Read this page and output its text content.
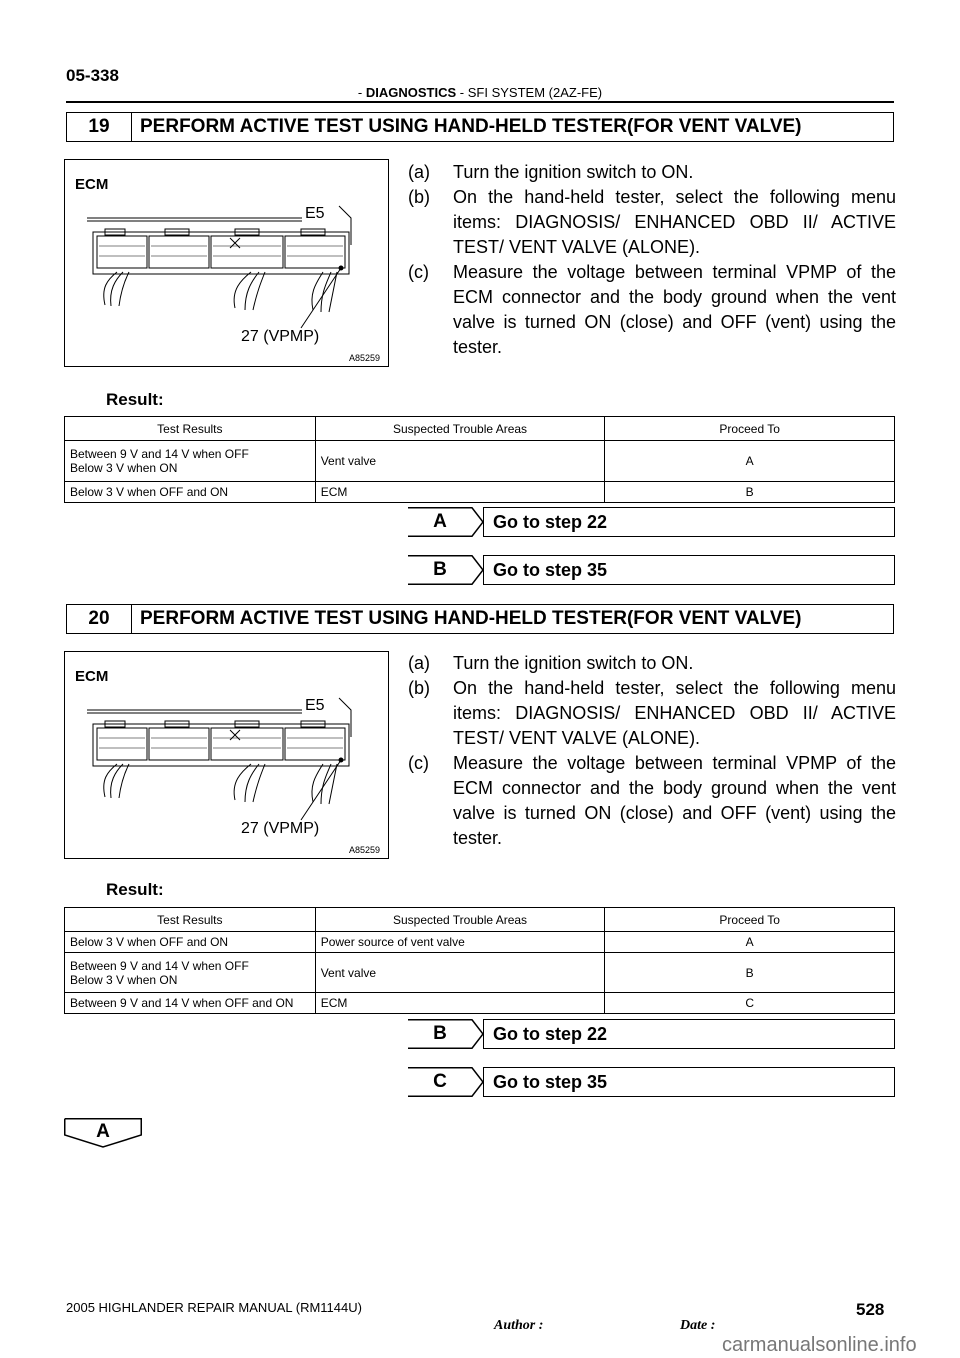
05-338
- DIAGNOSTICS - SFI SYSTEM (2AZ-FE)
19	PERFORM ACTIVE TEST USING HAND-HELD TESTER(FOR VENT VALVE)
ECM
E5
27 (VPMP)
A85259
(a)	Turn the ignition switch to ON.
(b)	On the hand-held tester, select the following menu items: DIAGNOSIS/ ENHANCED OBD II/ ACTIVE TEST/ VENT VALVE (ALONE).
(c)	Measure the voltage between terminal VPMP of the ECM connector and the body ground when the vent valve is turned ON (close) and OFF (vent) using the tester.
Result:
Test Results	Suspected Trouble Areas	Proceed To

Between 9 V and 14 V when OFF
Below 3 V when ON	Vent valve	A

Below 3 V when OFF and ON	ECM	B
A	Go to step 22
B	Go to step 35
20	PERFORM ACTIVE TEST USING HAND-HELD TESTER(FOR VENT VALVE)
ECM
E5
27 (VPMP)
A85259
(a)	Turn the ignition switch to ON.
(b)	On the hand-held tester, select the following menu items: DIAGNOSIS/ ENHANCED OBD II/ ACTIVE TEST/ VENT VALVE (ALONE).
(c)	Measure the voltage between terminal VPMP of the ECM connector and the body ground when the vent valve is turned ON (close) and OFF (vent) using the tester.
Result:
Test Results	Suspected Trouble Areas	Proceed To

Below 3 V when OFF and ON	Power source of vent valve	A

Between 9 V and 14 V when OFF
Below 3 V when ON	Vent valve	B

Between 9 V and 14 V when OFF and ON	ECM	C
B	Go to step 22
C	Go to step 35
A
2005 HIGHLANDER REPAIR MANUAL (RM1144U)
Author :	Date :
528
carmanualsonline.info
